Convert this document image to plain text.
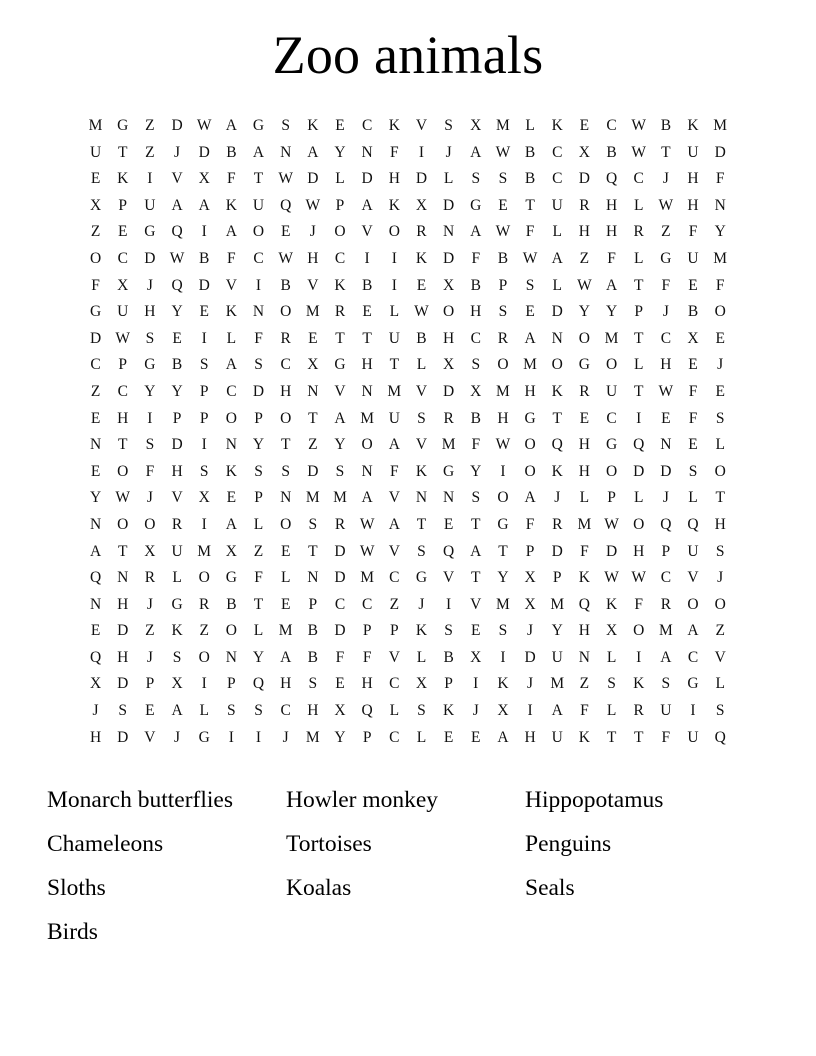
Zoo animals
M G	Z	D W A	G	S	K	E	C	K	V	S	X M	L	K	E	C W B	K M
U	T	Z	J	D	B	A	N	A	Y	N	F	I	J	A W B	C	X	B W T	U	D
E	K	I	V	X	F	T W D	L	D	H	D	L	S	S	B	C	D	Q	C	J	H	F
X	P	U	A	A	K	U	Q W	P	A	K	X	D	G	E	T	U	R	H	L W H	N
Z	E	G	Q	I	A	O	E	J	O	V	O	R	N	A W	F	L	H	H	R	Z	F	Y
O	C	D W B	F	C W H	C	I	I	K	D	F	B W A	Z	F	L	G	U M
F	X	J	Q	D	V	I	B	V	K	B	I	E	X	B	P	S	L W A	T	F	E	F
G	U	H	Y	E	K	N	O M R	E	L W O	H	S	E	D	Y	Y	P	J	B	O
D W	S	E	I	L	F	R	E	T	T	U	B	H	C	R	A	N	O M	T	C	X	E
C	P	G	B	S	A	S	C	X	G	H	T	L	X	S	O M O	G	O	L	H	E	J
Z	C	Y	Y	P	C	D	H	N	V	N M V	D	X M H	K	R	U	T W	F	E
E	H	I	P	P	O	P	O	T	A M U	S	R	B	H	G	T	E	C	I	E	F	S
N	T	S	D	I	N	Y	T	Z	Y	O	A	V M	F	W O	Q	H	G	Q	N	E	L
E	O	F	H	S	K	S	S	D	S	N	F	K	G	Y	I	O	K	H	O	D	D	S	O
Y W	J	V	X	E	P	N M M A	V	N	N	S	O	A	J	L	P	L	J	L	T
N	O	O	R	I	A	L	O	S	R W A	T	E	T	G	F	R M W O	Q	Q	H
A	T	X	U M X	Z	E	T	D W V	S	Q	A	T	P	D	F	D	H	P	U	S
Q	N	R	L	O	G	F	L	N	D M C	G	V	T	Y	X	P	K W W C	V	J
N	H	J	G	R	B	T	E	P	C	C	Z	J	I	V M X M Q	K	F	R	O	O
E	D	Z	K	Z	O	L	M B	D	P	P	K	S	E	S	J	Y	H	X	O M A	Z
Q	H	J	S	O	N	Y	A	B	F	F	V	L	B	X	I	D	U	N	L	I	A	C	V
X	D	P	X	I	P	Q	H	S	E	H	C	X	P	I	K	J	M	Z	S	K	S	G	L
J	S	E	A	L	S	S	C	H	X	Q	L	S	K	J	X	I	A	F	L	R	U	I	S
H	D	V	J	G	I	I	J	M Y	P	C	L	E	E	A	H	U	K	T	T	F	U	Q
Monarch butterflies	Howler monkey	Hippopotamus
Chameleons	Tortoises	Penguins
Sloths	Koalas	Seals
Birds
